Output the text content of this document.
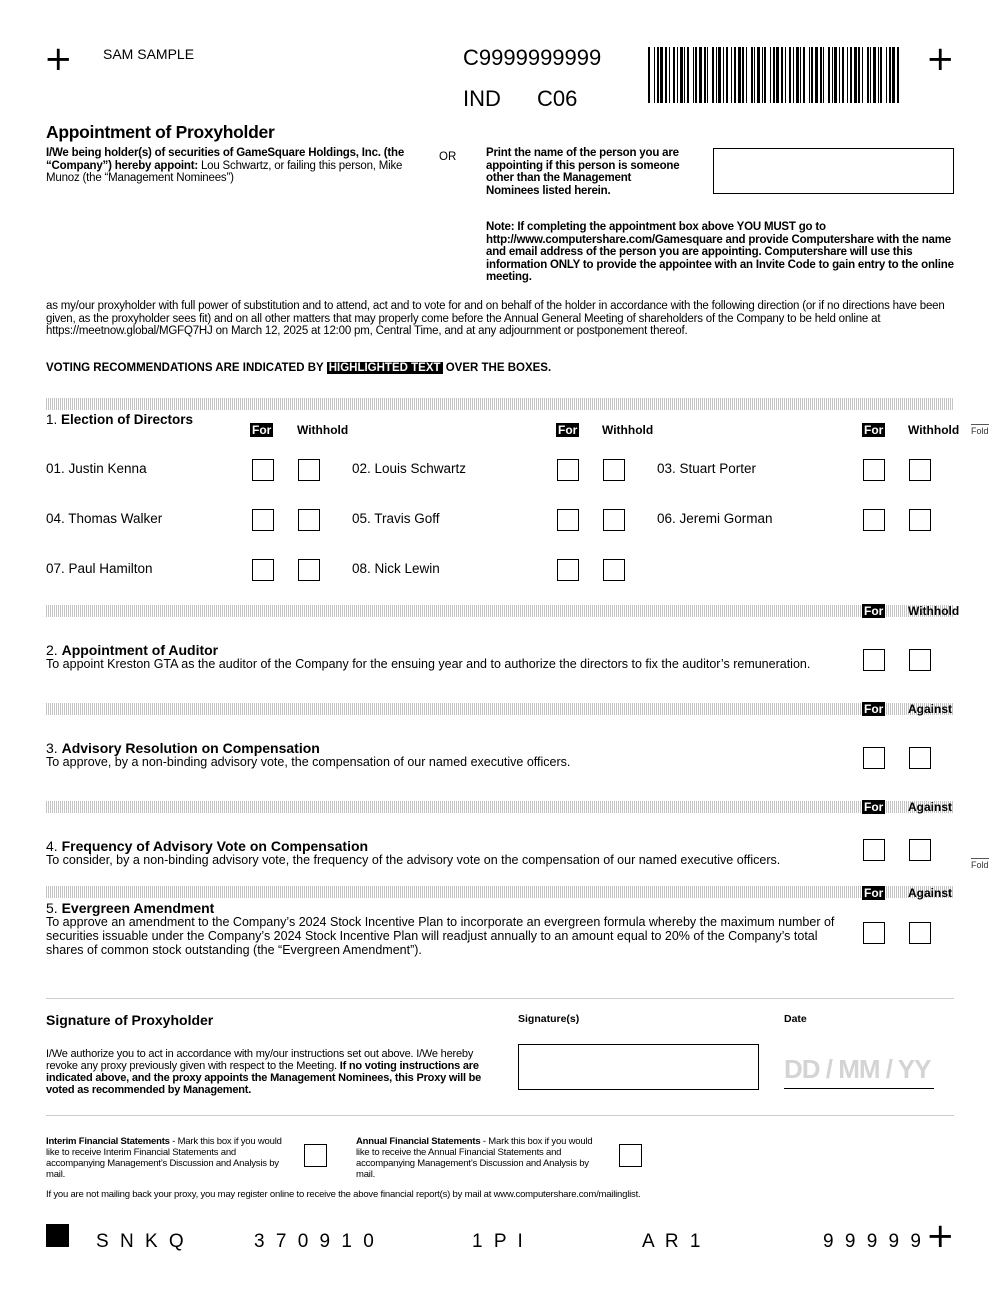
+ SAM SAMPLE	C9999999999
IND C06
+
Appointment of Proxyholder
I/We being holder(s) of securities of GameSquare Holdings, Inc. (the “Company”) hereby appoint: Lou Schwartz, or failing this person, Mike Munoz (the “Management Nominees”)
OR	Print the name of the person you are appointing if this person is someone other than the Management Nominees listed herein.
Note: If completing the appointment box above YOU MUST go to http://www.computershare.com/Gamesquare and provide Computershare with the name and email address of the person you are appointing. Computershare will use this information ONLY to provide the appointee with an Invite Code to gain entry to the online meeting.
as my/our proxyholder with full power of substitution and to attend, act and to vote for and on behalf of the holder in accordance with the following direction (or if no directions have been given, as the proxyholder sees fit) and on all other matters that may properly come before the Annual General Meeting of shareholders of the Company to be held online at https://meetnow.global/MGFQ7HJ on March 12, 2025 at 12:00 pm, Central Time, and at any adjournment or postponement thereof.
VOTING RECOMMENDATIONS ARE INDICATED BY HIGHLIGHTED TEXT OVER THE BOXES.
1. Election of Directors
For Withhold	For Withhold	For Withhold Fold
01. Justin Kenna	02. Louis Schwartz	03. Stuart Porter
04. Thomas Walker	05. Travis Goff	06. Jeremi Gorman
07. Paul Hamilton	08. Nick Lewin
For Withhold
2. Appointment of Auditor
To appoint Kreston GTA as the auditor of the Company for the ensuing year and to authorize the directors to fix the auditor’s remuneration.
For Against
3. Advisory Resolution on Compensation
To approve, by a non-binding advisory vote, the compensation of our named executive officers.
For Against
4. Frequency of Advisory Vote on Compensation
To consider, by a non-binding advisory vote, the frequency of the advisory vote on the compensation of our named executive officers.	Fold
For Against
5. Evergreen Amendment
To approve an amendment to the Company’s 2024 Stock Incentive Plan to incorporate an evergreen formula whereby the maximum number of securities issuable under the Company’s 2024 Stock Incentive Plan will readjust annually to an amount equal to 20% of the Company’s total shares of common stock outstanding (the “Evergreen Amendment”).
Signature of Proxyholder	Signature(s)	Date
I/We authorize you to act in accordance with my/our instructions set out above. I/We hereby revoke any proxy previously given with respect to the Meeting. If no voting instructions are indicated above, and the proxy appoints the Management Nominees, this Proxy will be voted as recommended by Management.
DD / MM / YY
Interim Financial Statements - Mark this box if you would like to receive Interim Financial Statements and accompanying Management’s Discussion and Analysis by mail.
Annual Financial Statements - Mark this box if you would like to receive the Annual Financial Statements and accompanying Management’s Discussion and Analysis by mail.
If you are not mailing back your proxy, you may register online to receive the above financial report(s) by mail at www.computershare.com/mailinglist.
S N K Q	3 7 0 9 1 0	1 P I	A R 1	9 9 9 9 9 +
